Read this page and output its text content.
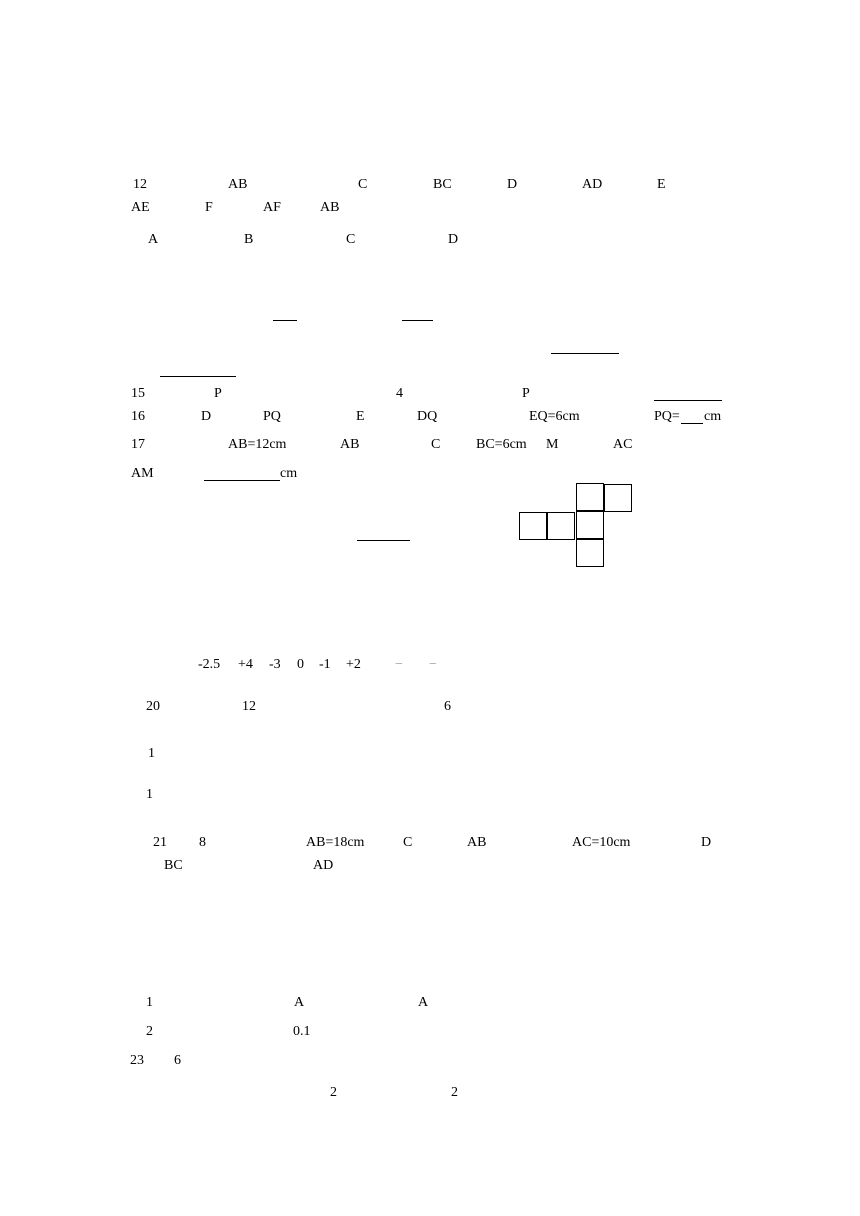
12	AB	C	BC	D	AD	E
AE	F	AF	AB
A	B	C	D
15	P	4	P
16	D	PQ	E	DQ	EQ=6cm	PQ= cm
17	AB=12cm	AB	C	BC=6cm M	AC
AM	cm
-2.5 +4 -3 0 -1 +2 − −
20	12	6
1
1
21 8	AB=18cm	C	AB	AC=10cm	D
BC	AD
1	A	A
2	0.1
23 6
2	2
